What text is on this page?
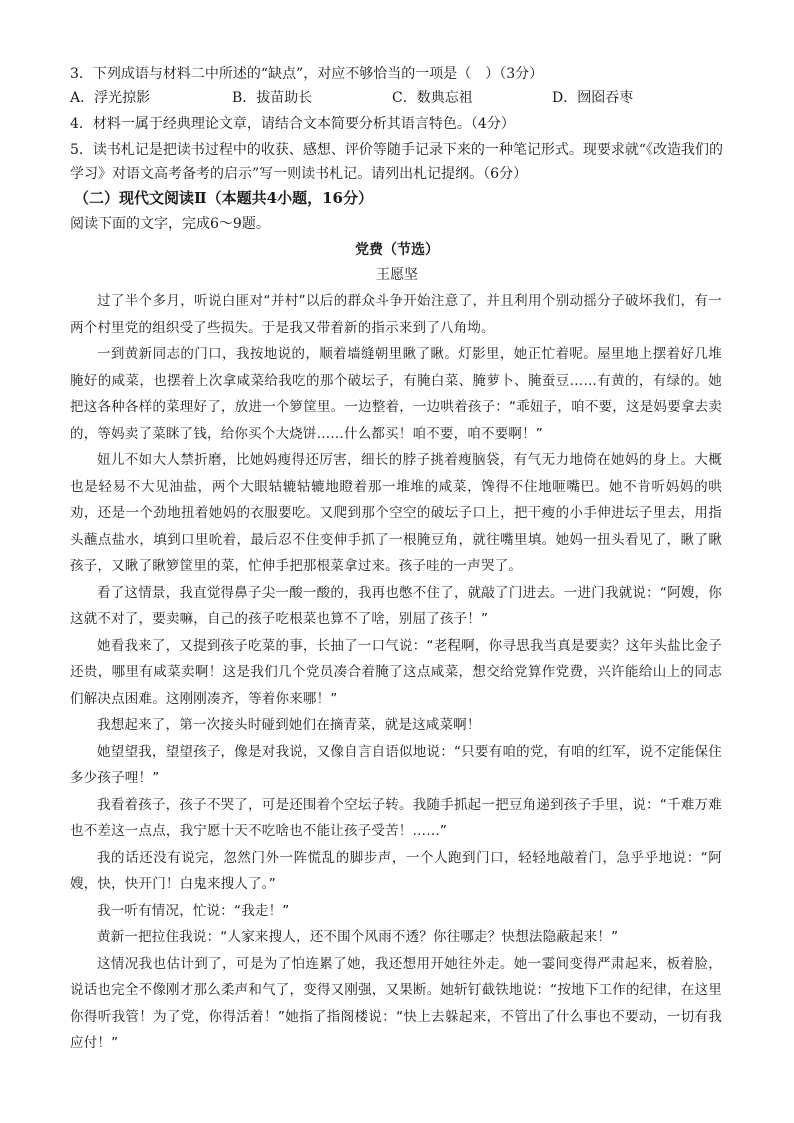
3．下列成语与材料二中所述的“缺点”，对应不够恰当的一项是（　）（3分）

A．浮光掠影	B．拔苗助长	C．数典忘祖	D．囫囵吞枣

4．材料一属于经典理论文章，请结合文本简要分析其语言特色。（4分）

5．读书札记是把读书过程中的收获、感想、评价等随手记录下来的一种笔记形式。现要求就“《改造我们的学习》对语文高考备考的启示”写一则读书札记。请列出札记提纲。（6分）

（二）现代文阅读Ⅱ（本题共4小题，16分）

阅读下面的文字，完成6～9题。

党费（节选）
王愿坚

过了半个多月，听说白匪对“并村”以后的群众斗争开始注意了，并且利用个别动摇分子破坏我们，有一两个村里党的组织受了些损失。于是我又带着新的指示来到了八角坳。

一到黄新同志的门口，我按地说的，顺着墙缝朝里瞅了瞅。灯影里，她正忙着呢。屋里地上摆着好几堆腌好的咸菜，也摆着上次拿咸菜给我吃的那个破坛子，有腌白菜、腌萝卜、腌蚕豆……有黄的，有绿的。她把这各种各样的菜理好了，放进一个箩筐里。一边整着，一边哄着孩子：“乖妞子，咱不要，这是妈要拿去卖的，等妈卖了菜眯了钱，给你买个大烧饼……什么都买！咱不要，咱不要啊！”

妞儿不如大人禁折磨，比她妈瘦得还厉害，细长的脖子挑着瘦脑袋，有气无力地倚在她妈的身上。大概也是轻易不大见油盐，两个大眼轱辘轱辘地瞪着那一堆堆的咸菜，馋得不住地咂嘴巴。她不肯听妈妈的哄劝，还是一个劲地扭着她妈的衣服要吃。又爬到那个空空的破坛子口上，把干瘦的小手伸进坛子里去，用指头蘸点盐水，填到口里吮着，最后忍不住变伸手抓了一根腌豆角，就往嘴里填。她妈一扭头看见了，瞅了瞅孩子，又瞅了瞅箩筐里的菜，忙伸手把那根菜拿过来。孩子哇的一声哭了。

看了这情景，我直觉得鼻子尖一酸一酸的，我再也憋不住了，就敲了门进去。一进门我就说：“阿嫂，你这就不对了，要卖嘛，自己的孩子吃根菜也算不了啥，别屈了孩子！”

她看我来了，又提到孩子吃菜的事，长抽了一口气说：“老程啊，你寻思我当真是要卖？这年头盐比金子还贵，哪里有咸菜卖啊！这是我们几个党员凑合着腌了这点咸菜，想交给党算作党费，兴许能给山上的同志们解决点困难。这刚刚凑齐，等着你来哪！”

我想起来了，第一次接头时碰到她们在摘青菜，就是这咸菜啊！

她望望我，望望孩子，像是对我说，又像自言自语似地说：“只要有咱的党，有咱的红军，说不定能保住多少孩子哩！”

我看着孩子，孩子不哭了，可是还围着个空坛子转。我随手抓起一把豆角递到孩子手里，说：“千难万难也不差这一点点，我宁愿十天不吃啥也不能让孩子受苦！……”

我的话还没有说完，忽然门外一阵慌乱的脚步声，一个人跑到门口，轻轻地敲着门，急乎乎地说：“阿嫂，快，快开门！白鬼来搜人了。”

我一听有情况，忙说：“我走！”

黄新一把拉住我说：“人家来搜人，还不围个风雨不透？你往哪走？快想法隐蔽起来！”

这情况我也估计到了，可是为了怕连累了她，我还想用开她往外走。她一霎间变得严肃起来，板着脸，说话也完全不像刚才那么柔声和气了，变得又刚强，又果断。她斩钉截铁地说：“按地下工作的纪律，在这里你得听我管！为了党，你得活着！”她指了指阁楼说：“快上去躲起来，不管出了什么事也不要动，一切有我应付！”
